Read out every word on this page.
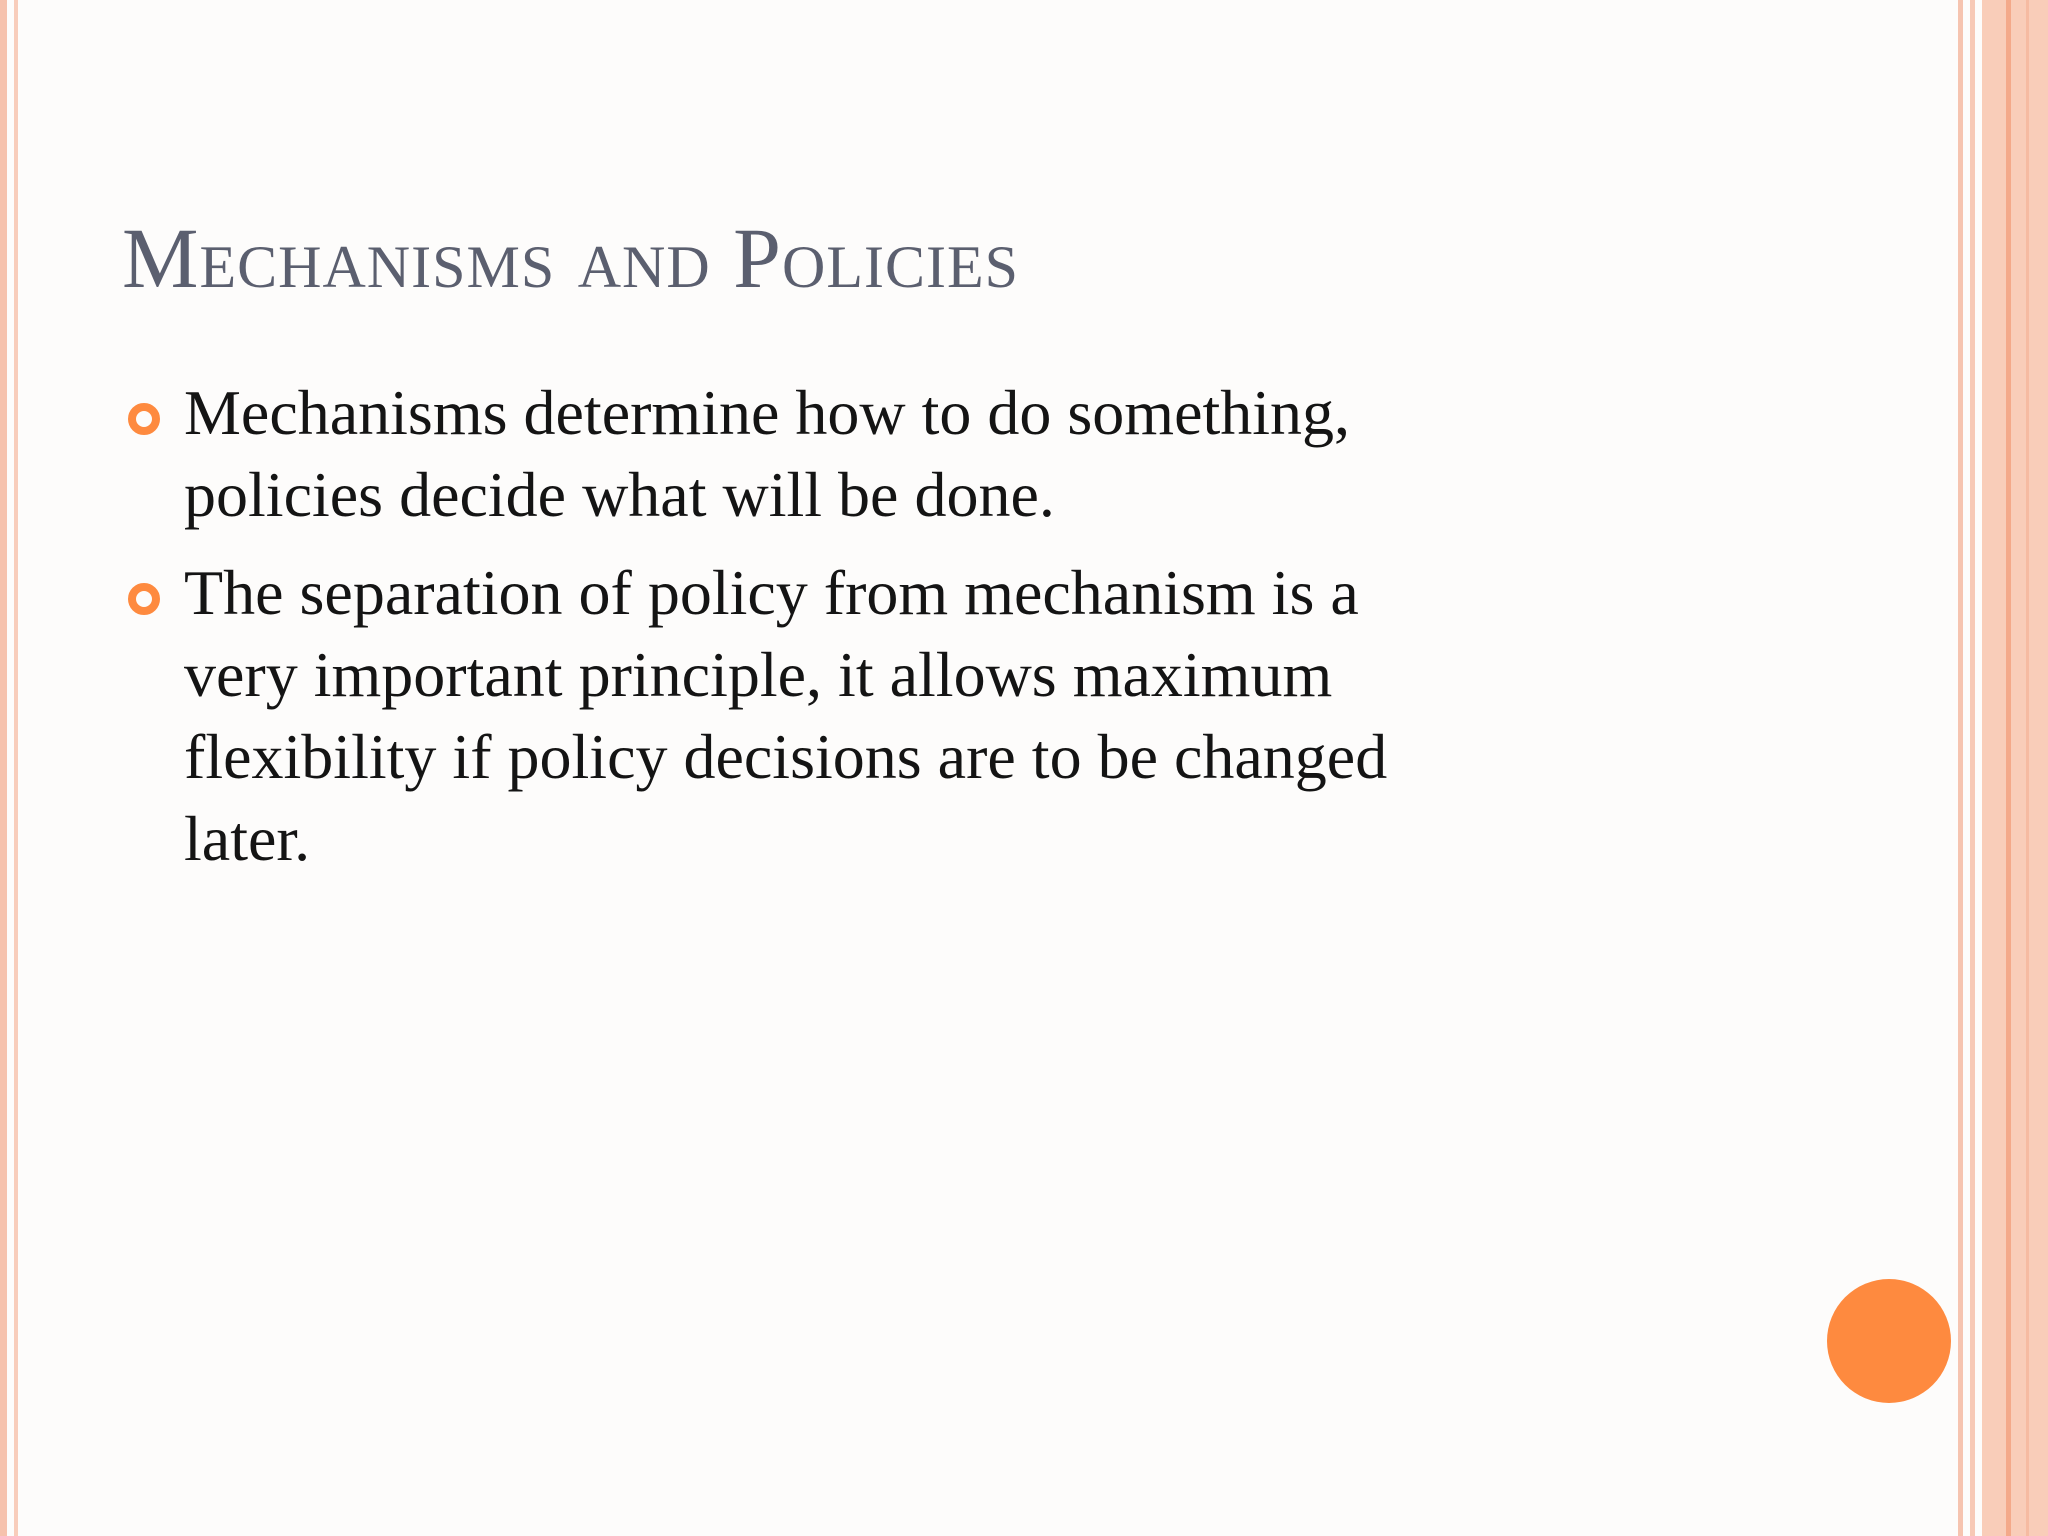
Mechanisms and Policies
Mechanisms determine how to do something,
policies decide what will be done.
The separation of policy from mechanism is a
very important principle, it allows maximum
flexibility if policy decisions are to be changed
later.
